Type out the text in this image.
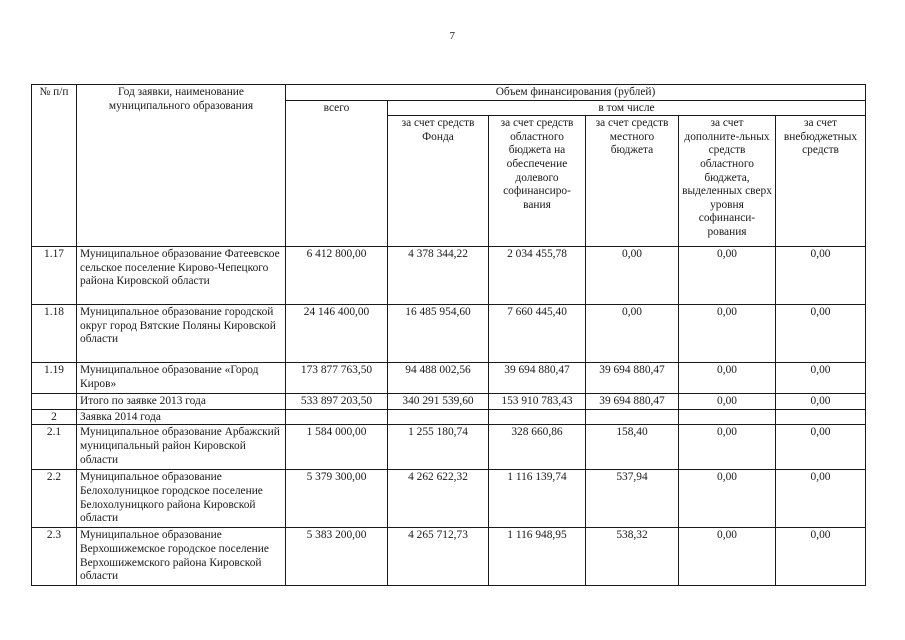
7
№ п/п	Год заявки, наименование муниципального образования	Объем финансирования (рублей)					
		всего	в том числе				
			за счет средств Фонда	за счет средств областного бюджета на обеспечение долевого софинансиро-вания	за счет средств местного бюджета	за счет дополните-льных средств областного бюджета, выделенных сверх уровня софинанси-рования	за счет внебюджетных средств
1.17	Муниципальное образование Фатеевское сельское поселение Кирово-Чепецкого района Кировской области	6 412 800,00	4 378 344,22	2 034 455,78	0,00	0,00	0,00
1.18	Муниципальное образование городской округ город Вятские Поляны Кировской области	24 146 400,00	16 485 954,60	7 660 445,40	0,00	0,00	0,00
1.19	Муниципальное образование «Город Киров»	173 877 763,50	94 488 002,56	39 694 880,47	39 694 880,47	0,00	0,00
	Итого по заявке 2013 года	533 897 203,50	340 291 539,60	153 910 783,43	39 694 880,47	0,00	0,00
2	Заявка 2014 года						
2.1	Муниципальное образование Арбажский муниципальный район Кировской области	1 584 000,00	1 255 180,74	328 660,86	158,40	0,00	0,00
2.2	Муниципальное образование Белохолуницкое городское поселение Белохолуницкого района Кировской области	5 379 300,00	4 262 622,32	1 116 139,74	537,94	0,00	0,00
2.3	Муниципальное образование Верхошижемское городское поселение Верхошижемского района Кировской области	5 383 200,00	4 265 712,73	1 116 948,95	538,32	0,00	0,00
